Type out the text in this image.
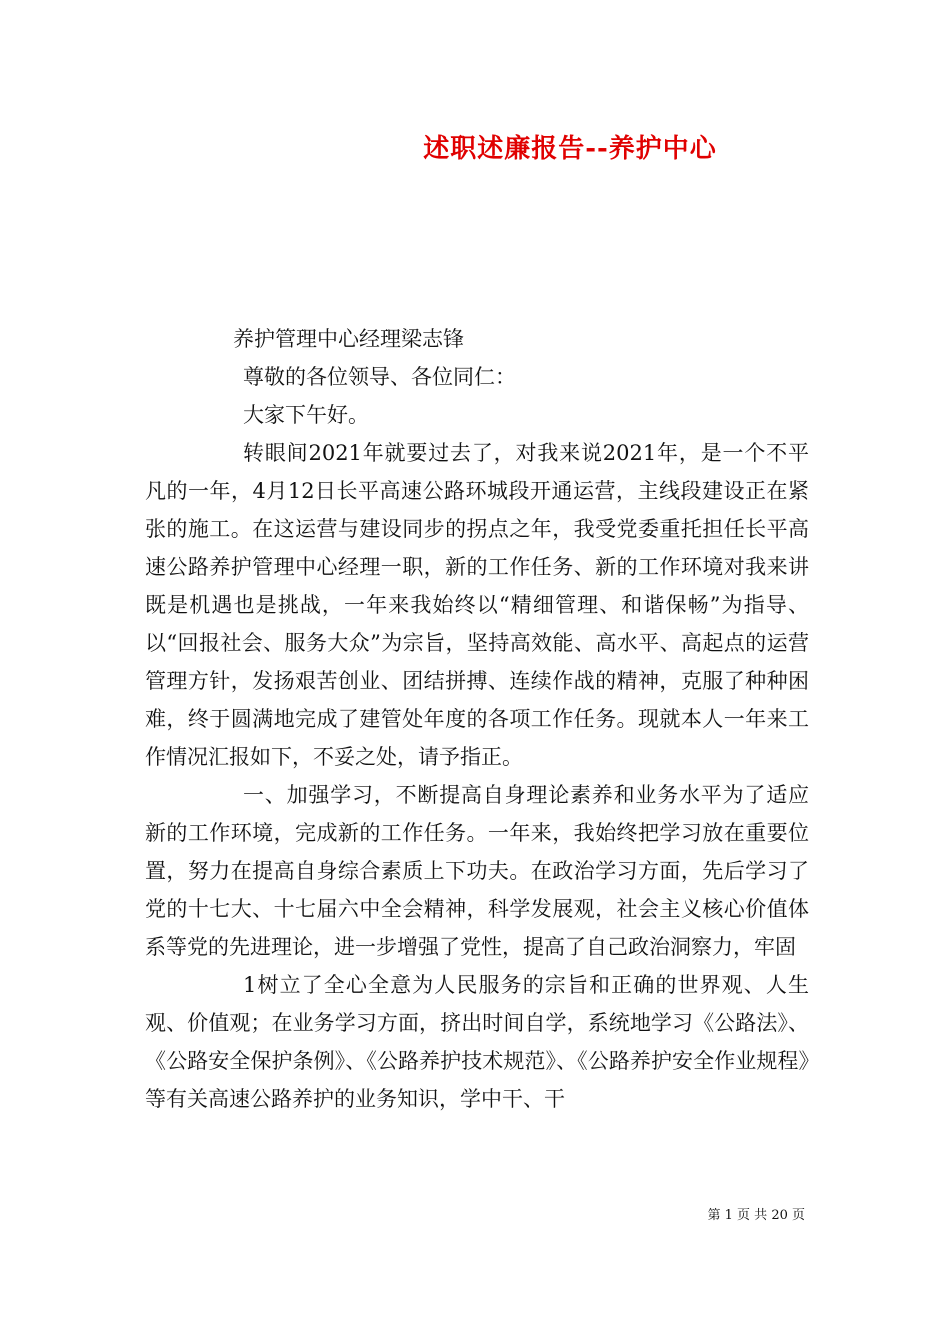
述职述廉报告--养护中心

养护管理中心经理梁志锋

尊敬的各位领导、各位同仁：

大家下午好。

转眼间2021年就要过去了，对我来说2021年，是一个不平凡的一年，4月12日长平高速公路环城段开通运营，主线段建设正在紧张的施工。在这运营与建设同步的拐点之年，我受党委重托担任长平高速公路养护管理中心经理一职，新的工作任务、新的工作环境对我来讲既是机遇也是挑战，一年来我始终以“精细管理、和谐保畅”为指导、以“回报社会、服务大众”为宗旨，坚持高效能、高水平、高起点的运营管理方针，发扬艰苦创业、团结拼搏、连续作战的精神，克服了种种困难，终于圆满地完成了建管处年度的各项工作任务。现就本人一年来工作情况汇报如下，不妥之处，请予指正。

一、加强学习，不断提高自身理论素养和业务水平为了适应新的工作环境，完成新的工作任务。一年来，我始终把学习放在重要位置，努力在提高自身综合素质上下功夫。在政治学习方面，先后学习了党的十七大、十七届六中全会精神，科学发展观，社会主义核心价值体系等党的先进理论，进一步增强了党性，提高了自己政治洞察力，牢固

1树立了全心全意为人民服务的宗旨和正确的世界观、人生观、价值观；在业务学习方面，挤出时间自学，系统地学习《公路法》、《公路安全保护条例》、《公路养护技术规范》、《公路养护安全作业规程》等有关高速公路养护的业务知识，学中干、干

第 1 页 共 20 页
